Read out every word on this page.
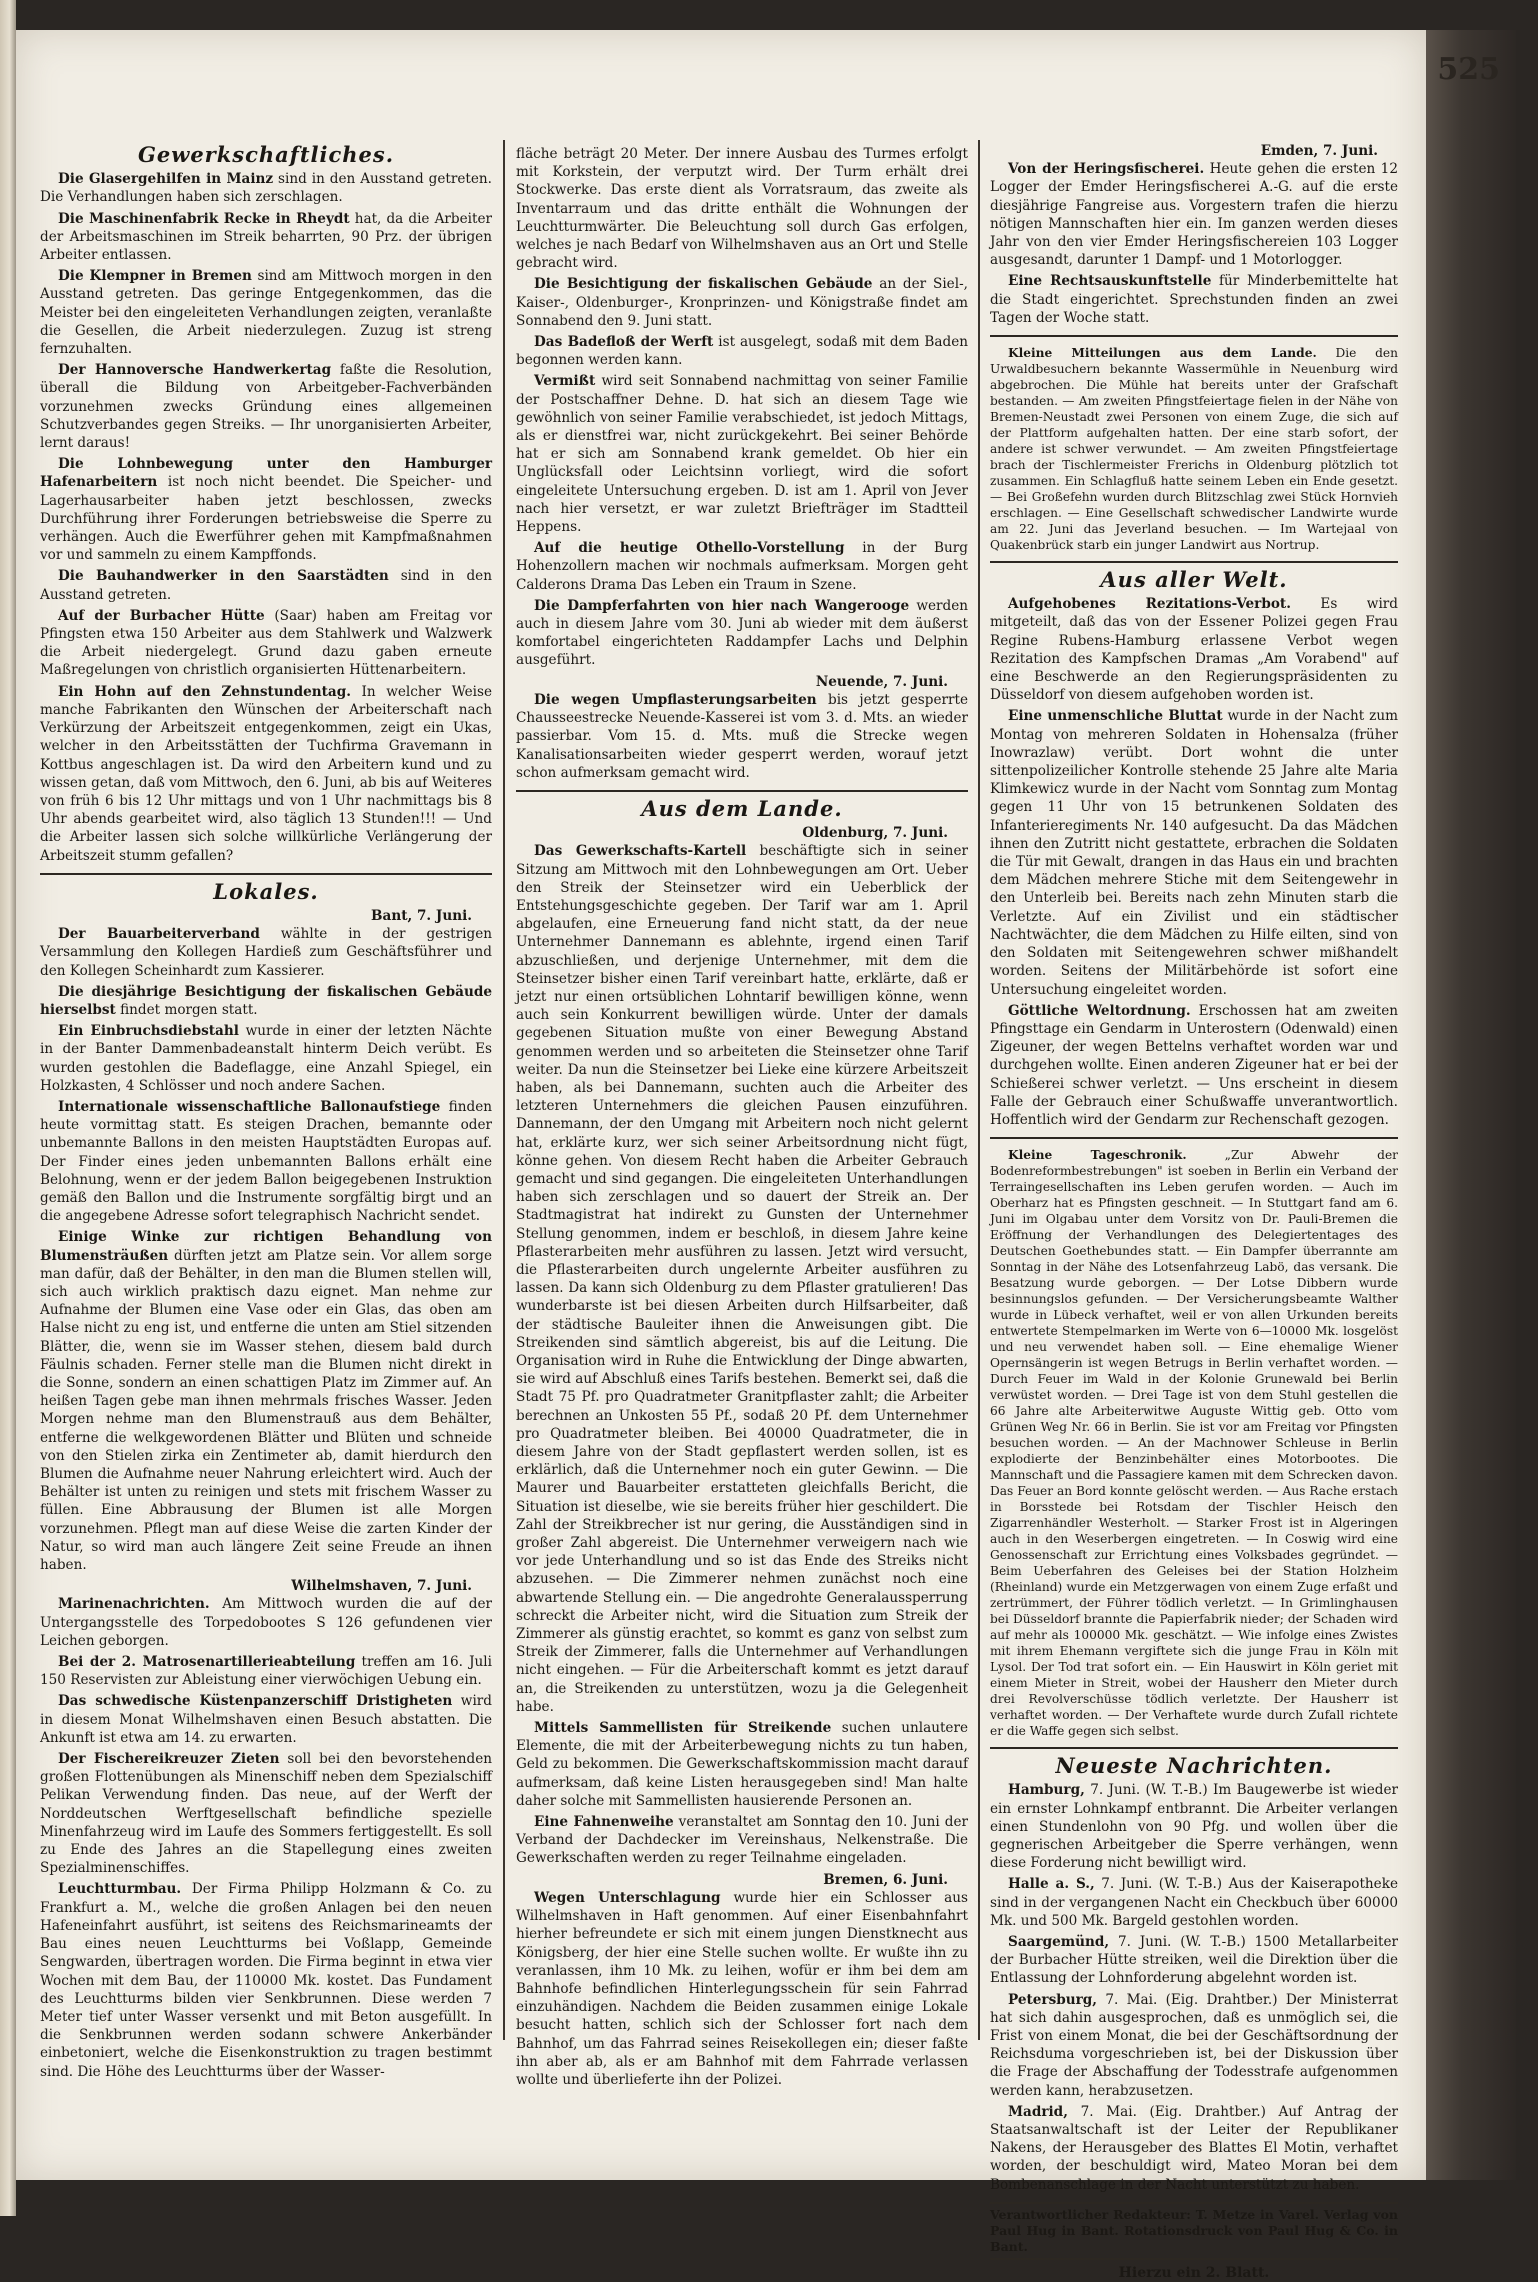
525
Gewerkschaftliches.

Die Glasergehilfen in Mainz sind in den Ausstand getreten. Die Verhandlungen haben sich zerschlagen.

Die Maschinenfabrik Recke in Rheydt hat, da die Arbeiter der Arbeitsmaschinen im Streik beharrten, 90 Prz. der übrigen Arbeiter entlassen.

Die Klempner in Bremen sind am Mittwoch morgen in den Ausstand getreten. Das geringe Entgegenkommen, das die Meister bei den eingeleiteten Verhandlungen zeigten, veranlaßte die Gesellen, die Arbeit niederzulegen. Zuzug ist streng fernzuhalten.

Der Hannoversche Handwerkertag faßte die Resolution, überall die Bildung von Arbeitgeber-Fachverbänden vorzunehmen zwecks Gründung eines allgemeinen Schutzverbandes gegen Streiks. — Ihr unorganisierten Arbeiter, lernt daraus!

Die Lohnbewegung unter den Hamburger Hafenarbeitern ist noch nicht beendet. Die Speicher- und Lagerhausarbeiter haben jetzt beschlossen, zwecks Durchführung ihrer Forderungen betriebsweise die Sperre zu verhängen. Auch die Ewerführer gehen mit Kampfmaßnahmen vor und sammeln zu einem Kampffonds.

Die Bauhandwerker in den Saarstädten sind in den Ausstand getreten.

Auf der Burbacher Hütte (Saar) haben am Freitag vor Pfingsten etwa 150 Arbeiter aus dem Stahlwerk und Walzwerk die Arbeit niedergelegt. Grund dazu gaben erneute Maßregelungen von christlich organisierten Hüttenarbeitern.

Ein Hohn auf den Zehnstundentag. In welcher Weise manche Fabrikanten den Wünschen der Arbeiterschaft nach Verkürzung der Arbeitszeit entgegenkommen, zeigt ein Ukas, welcher in den Arbeitsstätten der Tuchfirma Gravemann in Kottbus angeschlagen ist. Da wird den Arbeitern kund und zu wissen getan, daß vom Mittwoch, den 6. Juni, ab bis auf Weiteres von früh 6 bis 12 Uhr mittags und von 1 Uhr nachmittags bis 8 Uhr abends gearbeitet wird, also täglich 13 Stunden!!! — Und die Arbeiter lassen sich solche willkürliche Verlängerung der Arbeitszeit stumm gefallen?

Lokales.
Bant, 7. Juni.

Der Bauarbeiterverband wählte in der gestrigen Versammlung den Kollegen Hardieß zum Geschäftsführer und den Kollegen Scheinhardt zum Kassierer.

Die diesjährige Besichtigung der fiskalischen Gebäude hierselbst findet morgen statt.

Ein Einbruchsdiebstahl wurde in einer der letzten Nächte in der Banter Dammenbadeanstalt hinterm Deich verübt. Es wurden gestohlen die Badeflagge, eine Anzahl Spiegel, ein Holzkasten, 4 Schlösser und noch andere Sachen.

Internationale wissenschaftliche Ballonaufstiege finden heute vormittag statt. Es steigen Drachen, bemannte oder unbemannte Ballons in den meisten Hauptstädten Europas auf. Der Finder eines jeden unbemannten Ballons erhält eine Belohnung, wenn er der jedem Ballon beigegebenen Instruktion gemäß den Ballon und die Instrumente sorgfältig birgt und an die angegebene Adresse sofort telegraphisch Nachricht sendet.

Einige Winke zur richtigen Behandlung von Blumensträußen dürften jetzt am Platze sein. Vor allem sorge man dafür, daß der Behälter, in den man die Blumen stellen will, sich auch wirklich praktisch dazu eignet. Man nehme zur Aufnahme der Blumen eine Vase oder ein Glas, das oben am Halse nicht zu eng ist, und entferne die unten am Stiel sitzenden Blätter, die, wenn sie im Wasser stehen, diesem bald durch Fäulnis schaden. Ferner stelle man die Blumen nicht direkt in die Sonne, sondern an einen schattigen Platz im Zimmer auf. An heißen Tagen gebe man ihnen mehrmals frisches Wasser. Jeden Morgen nehme man den Blumenstrauß aus dem Behälter, entferne die welkgewordenen Blätter und Blüten und schneide von den Stielen zirka ein Zentimeter ab, damit hierdurch den Blumen die Aufnahme neuer Nahrung erleichtert wird. Auch der Behälter ist unten zu reinigen und stets mit frischem Wasser zu füllen. Eine Abbrausung der Blumen ist alle Morgen vorzunehmen. Pflegt man auf diese Weise die zarten Kinder der Natur, so wird man auch längere Zeit seine Freude an ihnen haben.

Wilhelmshaven, 7. Juni.

Marinenachrichten. Am Mittwoch wurden die auf der Untergangsstelle des Torpedobootes S 126 gefundenen vier Leichen geborgen.

Bei der 2. Matrosenartillerieabteilung treffen am 16. Juli 150 Reservisten zur Ableistung einer vierwöchigen Uebung ein.

Das schwedische Küstenpanzerschiff Dristigheten wird in diesem Monat Wilhelmshaven einen Besuch abstatten. Die Ankunft ist etwa am 14. zu erwarten.

Der Fischereikreuzer Zieten soll bei den bevorstehenden großen Flottenübungen als Minenschiff neben dem Spezialschiff Pelikan Verwendung finden. Das neue, auf der Werft der Norddeutschen Werftgesellschaft befindliche spezielle Minenfahrzeug wird im Laufe des Sommers fertiggestellt. Es soll zu Ende des Jahres an die Stapellegung eines zweiten Spezialminenschiffes.

Leuchtturmbau. Der Firma Philipp Holzmann & Co. zu Frankfurt a. M., welche die großen Anlagen bei den neuen Hafeneinfahrt ausführt, ist seitens des Reichsmarineamts der Bau eines neuen Leuchtturms bei Voßlapp, Gemeinde Sengwarden, übertragen worden. Die Firma beginnt in etwa vier Wochen mit dem Bau, der 110000 Mk. kostet. Das Fundament des Leuchtturms bilden vier Senkbrunnen. Diese werden 7 Meter tief unter Wasser versenkt und mit Beton ausgefüllt. In die Senkbrunnen werden sodann schwere Ankerbänder einbetoniert, welche die Eisenkonstruktion zu tragen bestimmt sind. Die Höhe des Leuchtturms über der Wasser-

fläche beträgt 20 Meter. Der innere Ausbau des Turmes erfolgt mit Korkstein, der verputzt wird. Der Turm erhält drei Stockwerke. Das erste dient als Vorratsraum, das zweite als Inventarraum und das dritte enthält die Wohnungen der Leuchtturmwärter. Die Beleuchtung soll durch Gas erfolgen, welches je nach Bedarf von Wilhelmshaven aus an Ort und Stelle gebracht wird.

Die Besichtigung der fiskalischen Gebäude an der Siel-, Kaiser-, Oldenburger-, Kronprinzen- und Königstraße findet am Sonnabend den 9. Juni statt.

Das Badefloß der Werft ist ausgelegt, sodaß mit dem Baden begonnen werden kann.

Vermißt wird seit Sonnabend nachmittag von seiner Familie der Postschaffner Dehne. D. hat sich an diesem Tage wie gewöhnlich von seiner Familie verabschiedet, ist jedoch Mittags, als er dienstfrei war, nicht zurückgekehrt. Bei seiner Behörde hat er sich am Sonnabend krank gemeldet. Ob hier ein Unglücksfall oder Leichtsinn vorliegt, wird die sofort eingeleitete Untersuchung ergeben. D. ist am 1. April von Jever nach hier versetzt, er war zuletzt Briefträger im Stadtteil Heppens.

Auf die heutige Othello-Vorstellung in der Burg Hohenzollern machen wir nochmals aufmerksam. Morgen geht Calderons Drama Das Leben ein Traum in Szene.

Die Dampferfahrten von hier nach Wangerooge werden auch in diesem Jahre vom 30. Juni ab wieder mit dem äußerst komfortabel eingerichteten Raddampfer Lachs und Delphin ausgeführt.

Neuende, 7. Juni.

Die wegen Umpflasterungsarbeiten bis jetzt gesperrte Chausseestrecke Neuende-Kasserei ist vom 3. d. Mts. an wieder passierbar. Vom 15. d. Mts. muß die Strecke wegen Kanalisationsarbeiten wieder gesperrt werden, worauf jetzt schon aufmerksam gemacht wird.

Aus dem Lande.
Oldenburg, 7. Juni.

Das Gewerkschafts-Kartell beschäftigte sich in seiner Sitzung am Mittwoch mit den Lohnbewegungen am Ort. Ueber den Streik der Steinsetzer wird ein Ueberblick der Entstehungsgeschichte gegeben. Der Tarif war am 1. April abgelaufen, eine Erneuerung fand nicht statt, da der neue Unternehmer Dannemann es ablehnte, irgend einen Tarif abzuschließen, und derjenige Unternehmer, mit dem die Steinsetzer bisher einen Tarif vereinbart hatte, erklärte, daß er jetzt nur einen ortsüblichen Lohntarif bewilligen könne, wenn auch sein Konkurrent bewilligen würde. Unter der damals gegebenen Situation mußte von einer Bewegung Abstand genommen werden und so arbeiteten die Steinsetzer ohne Tarif weiter. Da nun die Steinsetzer bei Lieke eine kürzere Arbeitszeit haben, als bei Dannemann, suchten auch die Arbeiter des letzteren Unternehmers die gleichen Pausen einzuführen. Dannemann, der den Umgang mit Arbeitern noch nicht gelernt hat, erklärte kurz, wer sich seiner Arbeitsordnung nicht fügt, könne gehen. Von diesem Recht haben die Arbeiter Gebrauch gemacht und sind gegangen. Die eingeleiteten Unterhandlungen haben sich zerschlagen und so dauert der Streik an. Der Stadtmagistrat hat indirekt zu Gunsten der Unternehmer Stellung genommen, indem er beschloß, in diesem Jahre keine Pflasterarbeiten mehr ausführen zu lassen. Jetzt wird versucht, die Pflasterarbeiten durch ungelernte Arbeiter ausführen zu lassen. Da kann sich Oldenburg zu dem Pflaster gratulieren! Das wunderbarste ist bei diesen Arbeiten durch Hilfsarbeiter, daß der städtische Bauleiter ihnen die Anweisungen gibt. Die Streikenden sind sämtlich abgereist, bis auf die Leitung. Die Organisation wird in Ruhe die Entwicklung der Dinge abwarten, sie wird auf Abschluß eines Tarifs bestehen. Bemerkt sei, daß die Stadt 75 Pf. pro Quadratmeter Granitpflaster zahlt; die Arbeiter berechnen an Unkosten 55 Pf., sodaß 20 Pf. dem Unternehmer pro Quadratmeter bleiben. Bei 40000 Quadratmeter, die in diesem Jahre von der Stadt gepflastert werden sollen, ist es erklärlich, daß die Unternehmer noch ein guter Gewinn. — Die Maurer und Bauarbeiter erstatteten gleichfalls Bericht, die Situation ist dieselbe, wie sie bereits früher hier geschildert. Die Zahl der Streikbrecher ist nur gering, die Ausständigen sind in großer Zahl abgereist. Die Unternehmer verweigern nach wie vor jede Unterhandlung und so ist das Ende des Streiks nicht abzusehen. — Die Zimmerer nehmen zunächst noch eine abwartende Stellung ein. — Die angedrohte Generalaussperrung schreckt die Arbeiter nicht, wird die Situation zum Streik der Zimmerer als günstig erachtet, so kommt es ganz von selbst zum Streik der Zimmerer, falls die Unternehmer auf Verhandlungen nicht eingehen. — Für die Arbeiterschaft kommt es jetzt darauf an, die Streikenden zu unterstützen, wozu ja die Gelegenheit habe.

Mittels Sammellisten für Streikende suchen unlautere Elemente, die mit der Arbeiterbewegung nichts zu tun haben, Geld zu bekommen. Die Gewerkschaftskommission macht darauf aufmerksam, daß keine Listen herausgegeben sind! Man halte daher solche mit Sammellisten hausierende Personen an.

Eine Fahnenweihe veranstaltet am Sonntag den 10. Juni der Verband der Dachdecker im Vereinshaus, Nelkenstraße. Die Gewerkschaften werden zu reger Teilnahme eingeladen.

Bremen, 6. Juni.

Wegen Unterschlagung wurde hier ein Schlosser aus Wilhelmshaven in Haft genommen. Auf einer Eisenbahnfahrt hierher befreundete er sich mit einem jungen Dienstknecht aus Königsberg, der hier eine Stelle suchen wollte. Er wußte ihn zu veranlassen, ihm 10 Mk. zu leihen, wofür er ihm bei dem am Bahnhofe befindlichen Hinterlegungsschein für sein Fahrrad einzuhändigen. Nachdem die Beiden zusammen einige Lokale besucht hatten, schlich sich der Schlosser fort nach dem Bahnhof, um das Fahrrad seines Reisekollegen ein; dieser faßte ihn aber ab, als er am Bahnhof mit dem Fahrrade verlassen wollte und überlieferte ihn der Polizei.

Emden, 7. Juni.

Von der Heringsfischerei. Heute gehen die ersten 12 Logger der Emder Heringsfischerei A.-G. auf die erste diesjährige Fangreise aus. Vorgestern trafen die hierzu nötigen Mannschaften hier ein. Im ganzen werden dieses Jahr von den vier Emder Heringsfischereien 103 Logger ausgesandt, darunter 1 Dampf- und 1 Motorlogger.

Eine Rechtsauskunftstelle für Minderbemittelte hat die Stadt eingerichtet. Sprechstunden finden an zwei Tagen der Woche statt.

Kleine Mitteilungen aus dem Lande. Die den Urwaldbesuchern bekannte Wassermühle in Neuenburg wird abgebrochen. Die Mühle hat bereits unter der Grafschaft bestanden. — Am zweiten Pfingstfeiertage fielen in der Nähe von Bremen-Neustadt zwei Personen von einem Zuge, die sich auf der Plattform aufgehalten hatten. Der eine starb sofort, der andere ist schwer verwundet. — Am zweiten Pfingstfeiertage brach der Tischlermeister Frerichs in Oldenburg plötzlich tot zusammen. Ein Schlagfluß hatte seinem Leben ein Ende gesetzt. — Bei Großefehn wurden durch Blitzschlag zwei Stück Hornvieh erschlagen. — Eine Gesellschaft schwedischer Landwirte wurde am 22. Juni das Jeverland besuchen. — Im Wartejaal von Quakenbrück starb ein junger Landwirt aus Nortrup.

Aus aller Welt.

Aufgehobenes Rezitations-Verbot. Es wird mitgeteilt, daß das von der Essener Polizei gegen Frau Regine Rubens-Hamburg erlassene Verbot wegen Rezitation des Kampfschen Dramas „Am Vorabend" auf eine Beschwerde an den Regierungspräsidenten zu Düsseldorf von diesem aufgehoben worden ist.

Eine unmenschliche Bluttat wurde in der Nacht zum Montag von mehreren Soldaten in Hohensalza (früher Inowrazlaw) verübt. Dort wohnt die unter sittenpolizeilicher Kontrolle stehende 25 Jahre alte Maria Klimkewicz wurde in der Nacht vom Sonntag zum Montag gegen 11 Uhr von 15 betrunkenen Soldaten des Infanterieregiments Nr. 140 aufgesucht. Da das Mädchen ihnen den Zutritt nicht gestattete, erbrachen die Soldaten die Tür mit Gewalt, drangen in das Haus ein und brachten dem Mädchen mehrere Stiche mit dem Seitengewehr in den Unterleib bei. Bereits nach zehn Minuten starb die Verletzte. Auf ein Zivilist und ein städtischer Nachtwächter, die dem Mädchen zu Hilfe eilten, sind von den Soldaten mit Seitengewehren schwer mißhandelt worden. Seitens der Militärbehörde ist sofort eine Untersuchung eingeleitet worden.

Göttliche Weltordnung. Erschossen hat am zweiten Pfingsttage ein Gendarm in Unterostern (Odenwald) einen Zigeuner, der wegen Bettelns verhaftet worden war und durchgehen wollte. Einen anderen Zigeuner hat er bei der Schießerei schwer verletzt. — Uns erscheint in diesem Falle der Gebrauch einer Schußwaffe unverantwortlich. Hoffentlich wird der Gendarm zur Rechenschaft gezogen.

Kleine Tageschronik. „Zur Abwehr der Bodenreformbestrebungen" ist soeben in Berlin ein Verband der Terraingesellschaften ins Leben gerufen worden. — Auch im Oberharz hat es Pfingsten geschneit. — In Stuttgart fand am 6. Juni im Olgabau unter dem Vorsitz von Dr. Pauli-Bremen die Eröffnung der Verhandlungen des Delegiertentages des Deutschen Goethebundes statt. — Ein Dampfer überrannte am Sonntag in der Nähe des Lotsenfahrzeug Labö, das versank. Die Besatzung wurde geborgen. — Der Lotse Dibbern wurde besinnungslos gefunden. — Der Versicherungsbeamte Walther wurde in Lübeck verhaftet, weil er von allen Urkunden bereits entwertete Stempelmarken im Werte von 6—10000 Mk. losgelöst und neu verwendet haben soll. — Eine ehemalige Wiener Opernsängerin ist wegen Betrugs in Berlin verhaftet worden. — Durch Feuer im Wald in der Kolonie Grunewald bei Berlin verwüstet worden. — Drei Tage ist von dem Stuhl gestellen die 66 Jahre alte Arbeiterwitwe Auguste Wittig geb. Otto vom Grünen Weg Nr. 66 in Berlin. Sie ist vor am Freitag vor Pfingsten besuchen worden. — An der Machnower Schleuse in Berlin explodierte der Benzinbehälter eines Motorbootes. Die Mannschaft und die Passagiere kamen mit dem Schrecken davon. Das Feuer an Bord konnte gelöscht werden. — Aus Rache erstach in Borsstede bei Rotsdam der Tischler Heisch den Zigarrenhändler Westerholt. — Starker Frost ist in Algeringen auch in den Weserbergen eingetreten. — In Coswig wird eine Genossenschaft zur Errichtung eines Volksbades gegründet. — Beim Ueberfahren des Geleises bei der Station Holzheim (Rheinland) wurde ein Metzgerwagen von einem Zuge erfaßt und zertrümmert, der Führer tödlich verletzt. — In Grimlinghausen bei Düsseldorf brannte die Papierfabrik nieder; der Schaden wird auf mehr als 100000 Mk. geschätzt. — Wie infolge eines Zwistes mit ihrem Ehemann vergiftete sich die junge Frau in Köln mit Lysol. Der Tod trat sofort ein. — Ein Hauswirt in Köln geriet mit einem Mieter in Streit, wobei der Hausherr den Mieter durch drei Revolverschüsse tödlich verletzte. Der Hausherr ist verhaftet worden. — Der Verhaftete wurde durch Zufall richtete er die Waffe gegen sich selbst.

Neueste Nachrichten.

Hamburg, 7. Juni. (W. T.-B.) Im Baugewerbe ist wieder ein ernster Lohnkampf entbrannt. Die Arbeiter verlangen einen Stundenlohn von 90 Pfg. und wollen über die gegnerischen Arbeitgeber die Sperre verhängen, wenn diese Forderung nicht bewilligt wird.

Halle a. S., 7. Juni. (W. T.-B.) Aus der Kaiserapotheke sind in der vergangenen Nacht ein Checkbuch über 60000 Mk. und 500 Mk. Bargeld gestohlen worden.

Saargemünd, 7. Juni. (W. T.-B.) 1500 Metallarbeiter der Burbacher Hütte streiken, weil die Direktion über die Entlassung der Lohnforderung abgelehnt worden ist.

Petersburg, 7. Mai. (Eig. Drahtber.) Der Ministerrat hat sich dahin ausgesprochen, daß es unmöglich sei, die Frist von einem Monat, die bei der Geschäftsordnung der Reichsduma vorgeschrieben ist, bei der Diskussion über die Frage der Abschaffung der Todesstrafe aufgenommen werden kann, herabzusetzen.

Madrid, 7. Mai. (Eig. Drahtber.) Auf Antrag der Staatsanwaltschaft ist der Leiter der Republikaner Nakens, der Herausgeber des Blattes El Motin, verhaftet worden, der beschuldigt wird, Mateo Moran bei dem Bombenanschlage in der Nacht unterstützt zu haben.

Verantwortlicher Redakteur: T. Metze in Varel. Verlag von Paul Hug in Bant. Rotationsdruck von Paul Hug & Co. in Bant.
Hierzu ein 2. Blatt.
